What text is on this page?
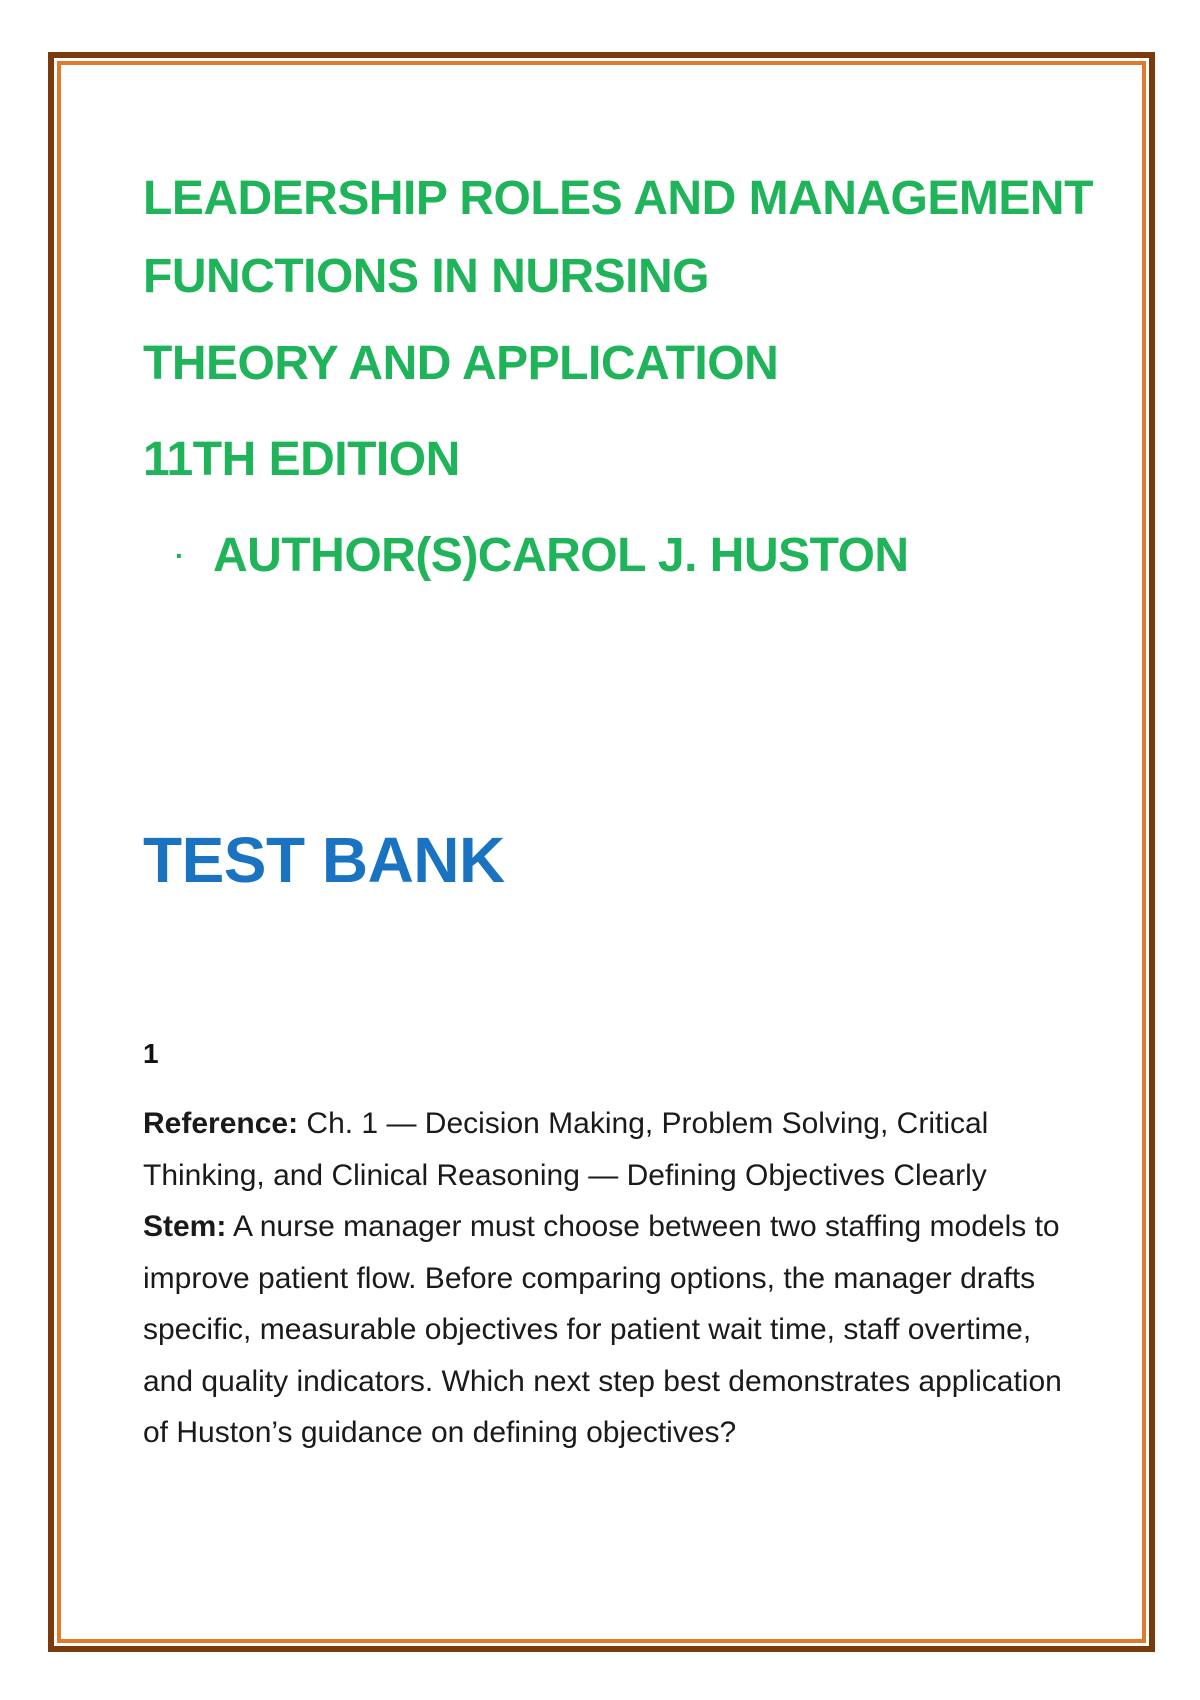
LEADERSHIP ROLES AND MANAGEMENT

FUNCTIONS IN NURSING

THEORY AND APPLICATION

11TH EDITION

· AUTHOR(S)CAROL J. HUSTON
TEST BANK

1

Reference: Ch. 1 — Decision Making, Problem Solving, Critical Thinking, and Clinical Reasoning — Defining Objectives Clearly
Stem: A nurse manager must choose between two staffing models to improve patient flow. Before comparing options, the manager drafts specific, measurable objectives for patient wait time, staff overtime, and quality indicators. Which next step best demonstrates application of Huston’s guidance on defining objectives?
